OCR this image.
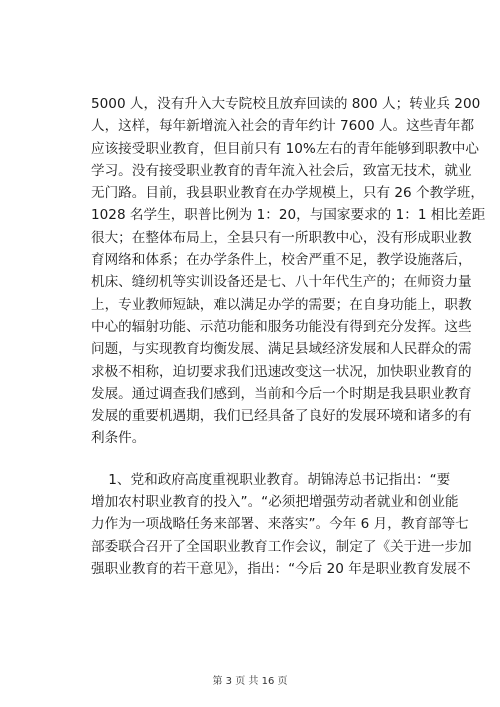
5000 人，没有升入大专院校且放弃回读的 800 人；转业兵 200
人，这样，每年新增流入社会的青年约计 7600 人。这些青年都
应该接受职业教育，但目前只有 10%左右的青年能够到职教中心
学习。没有接受职业教育的青年流入社会后，致富无技术，就业
无门路。目前，我县职业教育在办学规模上，只有 26 个教学班，
1028 名学生，职普比例为 1：20，与国家要求的 1：1 相比差距
很大；在整体布局上，全县只有一所职教中心，没有形成职业教
育网络和体系；在办学条件上，校舍严重不足，教学设施落后，
机床、缝纫机等实训设备还是七、八十年代生产的；在师资力量
上，专业教师短缺，难以满足办学的需要；在自身功能上，职教
中心的辐射功能、示范功能和服务功能没有得到充分发挥。这些
问题，与实现教育均衡发展、满足县域经济发展和人民群众的需
求极不相称，迫切要求我们迅速改变这一状况，加快职业教育的
发展。通过调查我们感到，当前和今后一个时期是我县职业教育
发展的重要机遇期，我们已经具备了良好的发展环境和诸多的有
利条件。
1、党和政府高度重视职业教育。胡锦涛总书记指出：“要
增加农村职业教育的投入”。“必须把增强劳动者就业和创业能
力作为一项战略任务来部署、来落实”。今年 6 月，教育部等七
部委联合召开了全国职业教育工作会议，制定了《关于进一步加
强职业教育的若干意见》，指出：“今后 20 年是职业教育发展不
第 3 页 共 16 页
